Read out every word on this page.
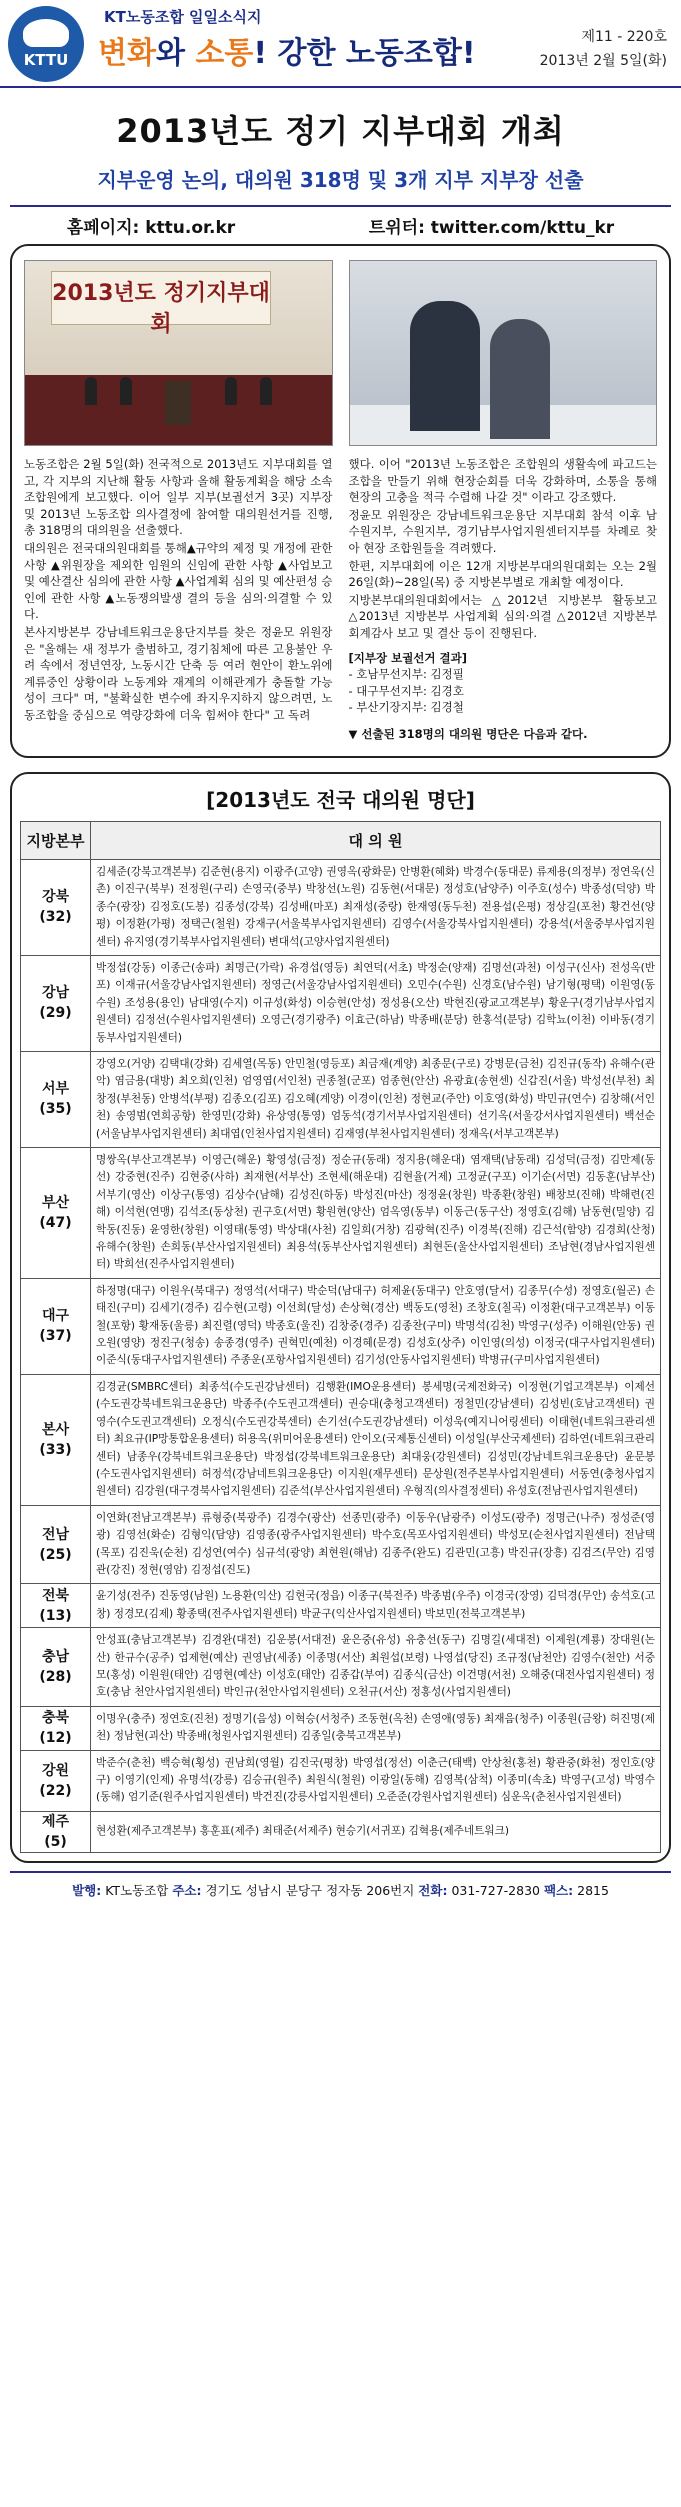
KTTU
KT노동조합 일일소식지
변화와 소통! 강한 노동조합!	제11 - 220호
2013년 2월 5일(화)
2013년도 정기 지부대회 개최
지부운영 논의, 대의원 318명 및 3개 지부 지부장 선출
홈페이지: kttu.or.kr	트위터: twitter.com/kttu_kr
2013년도 정기지부대회

노동조합은 2월 5일(화) 전국적으로 2013년도 지부대회를 열고, 각 지부의 지난해 활동 사항과 올해 활동계획을 해당 소속조합원에게 보고했다. 이어 일부 지부(보궐선거 3곳) 지부장 및 2013년 노동조합 의사결정에 참여할 대의원선거를 진행, 총 318명의 대의원을 선출했다.

대의원은 전국대의원대회를 통해▲규약의 제정 및 개정에 관한 사항 ▲위원장을 제외한 임원의 신임에 관한 사항 ▲사업보고 및 예산결산 심의에 관한 사항 ▲사업계획 심의 및 예산편성 승인에 관한 사항 ▲노동쟁의발생 결의 등을 심의·의결할 수 있다.

본사지방본부 강남네트워크운용단지부를 찾은 정윤모 위원장은 "올해는 새 정부가 출범하고, 경기침체에 따른 고용불안 우려 속에서 정년연장, 노동시간 단축 등 여러 현안이 환노위에 계류중인 상황이라 노동계와 재계의 이해관계가 충돌할 가능성이 크다" 며, "불확실한 변수에 좌지우지하지 않으려면, 노동조합을 중심으로 역량강화에 더욱 힘써야 한다" 고 독려

했다. 이어 "2013년 노동조합은 조합원의 생활속에 파고드는 조합을 만들기 위해 현장순회를 더욱 강화하며, 소통을 통해 현장의 고충을 적극 수렴해 나갈 것" 이라고 강조했다.

정윤모 위원장은 강남네트워크운용단 지부대회 참석 이후 남수원지부, 수원지부, 경기남부사업지원센터지부를 차례로 찾아 현장 조합원들을 격려했다.

한편, 지부대회에 이은 12개 지방본부대의원대회는 오는 2월 26일(화)~28일(목) 중 지방본부별로 개최할 예정이다.

지방본부대의원대회에서는 △2012년 지방본부 활동보고 △2013년 지방본부 사업계획 심의·의결 △2012년 지방본부 회계감사 보고 및 결산 등이 진행된다.

[지부장 보궐선거 결과]
- 호남무선지부: 김정필
- 대구무선지부: 김경호
- 부산기장지부: 김경철
▼ 선출된 318명의 대의원 명단은 다음과 같다.
[2013년도 전국 대의원 명단]
지방본부	대 의 원

강북
(32)	김세준(강북고객본부) 김준현(용지) 이광주(고양) 권영옥(광화문) 안병환(혜화) 박경수(동대문) 류제용(의정부) 정연욱(신촌) 이진구(북부) 전정원(구리) 손영국(중부) 박창선(노원) 김동현(서대문) 정성호(남양주) 이주호(성수) 박종성(덕양) 박종수(광장) 김정호(도봉) 김종성(강북) 김성배(마포) 최재성(중랑) 한재영(동두천) 전용섭(은평) 정상길(포천) 황건선(양평) 이정환(가평) 정택근(철원) 강재구(서울북부사업지원센터) 김영수(서울강북사업지원센터) 강용석(서울중부사업지원센터) 유지영(경기북부사업지원센터) 변대석(고양사업지원센터)

강남
(29)	박정섭(강동) 이종근(송파) 최명근(가락) 유경섭(영등) 최연덕(서초) 박정순(양재) 김명선(과천) 이성구(신사) 전성옥(반포) 이재규(서울강남사업지원센터) 정영근(서울강남사업지원센터) 오민수(수원) 신경호(남수원) 남기형(평택) 이원영(동수원) 조성용(용인) 남대영(수지) 이규성(화성) 이승현(안성) 정성용(오산) 박현진(광교고객본부) 황운구(경기남부사업지원센터) 김정선(수원사업지원센터) 오영근(경기광주) 이효근(하남) 박종배(분당) 한홍석(분당) 김학뇨(이천) 이바동(경기동부사업지원센터)

서부
(35)	강영오(거양) 김택대(강화) 김세열(목동) 안민철(영등포) 최금재(계양) 최종문(구로) 강병문(금천) 김진규(동작) 유해수(관악) 염금용(대방) 최오희(인천) 엄영엽(서인천) 권종철(군포) 엄종현(안산) 유광효(송현센) 신갑진(서울) 박성선(부천) 최창정(부천동) 안병석(부평) 김종오(김포) 김오혜(계양) 이경이(인천) 정현교(주안) 이호영(화성) 박민규(연수) 김창해(서인천) 송영범(연희공항) 한영민(강화) 유상영(통영) 엄동석(경기서부사업지원센터) 선기옥(서울강서사업지원센터) 백선순(서울남부사업지원센터) 최대엽(인천사업지원센터) 김재영(부천사업지원센터) 정재옥(서부고객본부)

부산
(47)	명쌍옥(부산고객본부) 이영근(해운) 황영성(금정) 정순규(동래) 정지용(해운대) 염재택(남동래) 김성덕(금정) 김만제(동선) 강중현(진주) 김현중(사하) 최재현(서부산) 조현세(해운대) 김현율(거제) 고정균(구포) 이기순(서면) 김동훈(남부산) 서부기(영산) 이상구(통영) 김상수(남해) 김성진(하동) 박성진(마산) 정정윤(창원) 박종환(창원) 배창보(진해) 박해련(진해) 이석현(연맹) 김석조(동상천) 권구호(서면) 황원현(양산) 엄옥영(동부) 이동근(동구산) 정영호(김해) 남동현(밀양) 김학동(진동) 윤영한(창원) 이영태(통영) 박상대(사천) 김일희(거창) 김광혁(진주) 이경복(진해) 김근석(함양) 김경희(산청) 유해수(창원) 손희동(부산사업지원센터) 최용석(동부산사업지원센터) 최현돈(울산사업지원센터) 조남현(경남사업지원센터) 박희선(진주사업지원센터)

대구
(37)	하정명(대구) 이원우(북대구) 정영석(서대구) 박순덕(남대구) 허제윤(동대구) 안호영(달서) 김종무(수성) 정영호(월곤) 손태진(구미) 김세기(경주) 김수현(고령) 이선희(달성) 손상혁(경산) 백동도(영천) 조창호(칠곡) 이정환(대구고객본부) 이동철(포항) 황재동(울릉) 최진렬(영덕) 박종호(울진) 김창중(경주) 김종찬(구미) 박명석(김천) 박영구(성주) 이해원(안동) 권오원(영양) 정진구(청송) 송종경(영주) 권혁민(예천) 이경혜(문경) 김성호(상주) 이인영(의성) 이정국(대구사업지원센터) 이준식(동대구사업지원센터) 주종운(포항사업지원센터) 김기성(안동사업지원센터) 박병규(구미사업지원센터)

본사
(33)	김경균(SMBRC센터) 최종석(수도권강남센터) 김행환(IMO운용센터) 봉세명(국제전화국) 이정현(기업고객본부) 이제선(수도권강북네트워크운용단) 박종주(수도권고객센터) 권승대(충청고객센터) 정철민(강남센터) 김성빈(호남고객센터) 권영수(수도권고객센터) 오정식(수도권강북센터) 손기선(수도권강남센터) 이성욱(예지니어링센터) 이태현(네트워크관리센터) 최요규(IP망통합운용센터) 허용옥(위미어운용센터) 안이오(국제통신센터) 이성일(부산국제센터) 김하연(네트워크관리센터) 남종우(강북네트워크운용단) 박정섭(강북네트워크운용단) 최대웅(강원센터) 김성민(강남네트워크운용단) 윤문봉(수도권사업지원센터) 허정석(강남네트워크운용단) 이지원(재무센터) 문상원(전주본부사업지원센터) 서동연(충청사업지원센터) 김강원(대구경북사업지원센터) 김준석(부산사업지원센터) 우형직(의사결정센터) 유성호(전남권사업지원센터)

전남
(25)	이연화(전남고객본부) 류형중(북광주) 김경수(광산) 선종민(광주) 이동우(남광주) 이성도(광주) 정명근(나주) 정성준(영광) 김영선(화순) 김형익(담양) 김영종(광주사업지원센터) 박수호(목포사업지원센터) 박성모(순천사업지원센터) 전남택(목포) 김진욱(순천) 김성연(여수) 심규석(광양) 최현원(해남) 김종주(완도) 김관민(고흥) 박진규(장흥) 김검즈(무안) 김영관(강진) 정현(영암) 김정섭(진도)

전북
(13)	윤기성(전주) 진동영(남원) 노용환(익산) 김현국(정읍) 이종구(북전주) 박종범(우주) 이경국(장영) 김덕경(무안) 송석호(고창) 정경모(김제) 황종택(전주사업지원센터) 박균구(익산사업지원센터) 박보민(전북고객본부)

충남
(28)	안성표(충남고객본부) 김경완(대전) 김운봉(서대전) 윤은중(유성) 유충선(동구) 김명길(세대전) 이제원(계룡) 장대원(논산) 한규수(공주) 업제현(예산) 권영남(세종) 이종명(서산) 최원섭(보령) 나영섭(당진) 조규정(남천안) 김영수(천안) 서중모(홍성) 이원원(태안) 김영현(예산) 이성호(태안) 김종갑(부여) 김종식(금산) 이건명(서천) 오해중(대전사업지원센터) 정호(충남 천안사업지원센터) 박인규(천안사업지원센터) 오천규(서산) 정홍성(사업지원센터)

충북
(12)	이명우(충주) 정연호(진천) 정명기(음성) 이혁승(서청주) 조동현(옥천) 손영애(영동) 최재음(청주) 이종원(금왕) 허진명(제천) 정남현(괴산) 박종배(청원사업지원센터) 김종일(충북고객본부)

강원
(22)	박준수(춘천) 백승혁(횡성) 권남희(영월) 김진국(평창) 박영섭(정선) 이춘근(태백) 안상천(홍천) 황관중(화천) 정인호(양구) 이영기(인제) 유명석(강릉) 김승규(원주) 최원식(철원) 이광일(동해) 김영복(삼척) 이종미(속초) 박영구(고성) 박영수(동해) 엄기준(원주사업지원센터) 박건진(강릉사업지원센터) 오준준(강원사업지원센터) 심운옥(춘천사업지원센터)

제주
(5)	현성환(제주고객본부) 홍훈표(제주) 최태준(서제주) 현승기(서귀포) 김혁용(제주네트워크)
발행: KT노동조합 주소: 경기도 성남시 분당구 정자동 206번지 전화: 031-727-2830 팩스: 2815
